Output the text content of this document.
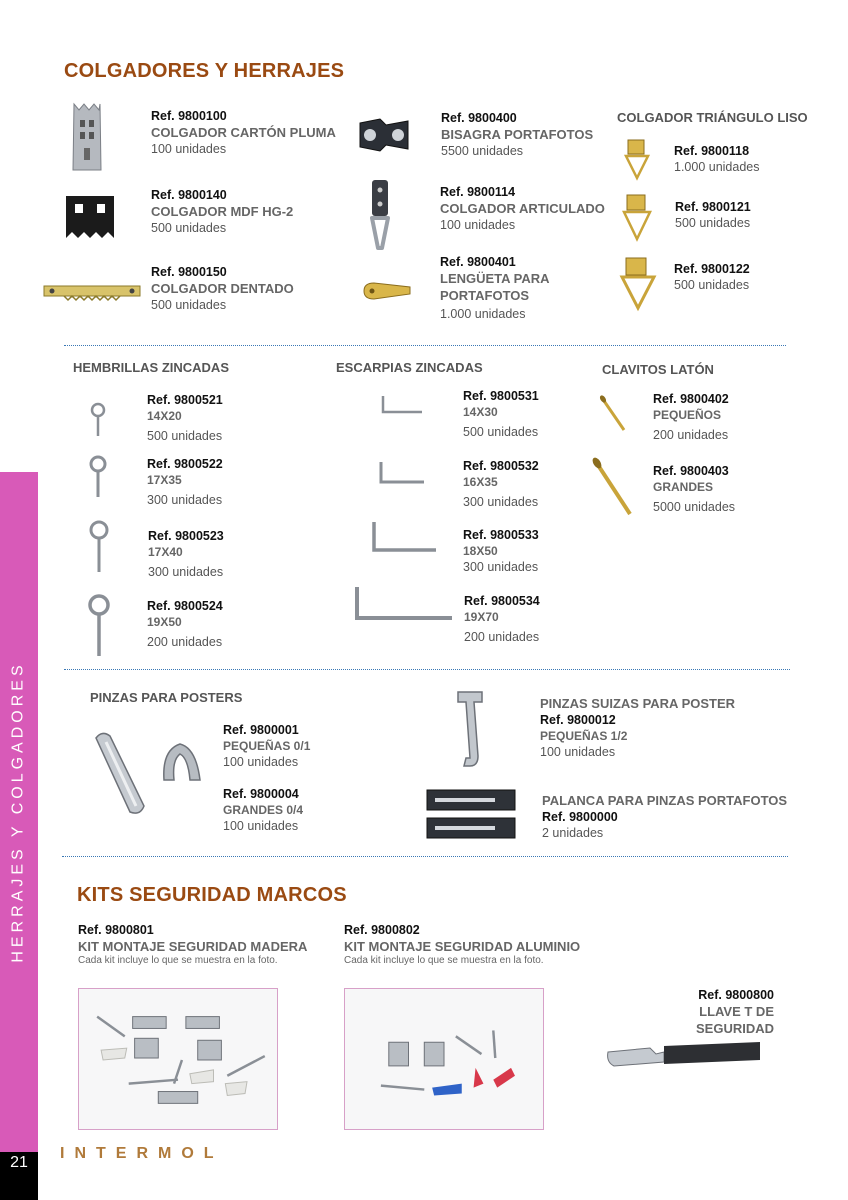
HERRAJES Y COLGADORES
21
INTERMOL
COLGADORES Y HERRAJES
Ref. 9800100
COLGADOR CARTÓN PLUMA
100 unidades
Ref. 9800140
COLGADOR MDF HG-2
500 unidades
Ref. 9800150
COLGADOR DENTADO
500 unidades
Ref. 9800400
BISAGRA PORTAFOTOS
5500 unidades
Ref. 9800114
COLGADOR ARTICULADO
100 unidades
Ref. 9800401
LENGÜETA PARA
PORTAFOTOS
1.000 unidades
COLGADOR TRIÁNGULO LISO
Ref. 9800118
1.000 unidades
Ref. 9800121
500 unidades
Ref. 9800122
500 unidades
HEMBRILLAS ZINCADAS
Ref. 9800521
14X20
500 unidades
Ref. 9800522
17X35
300 unidades
Ref. 9800523
17X40
300 unidades
Ref. 9800524
19X50
200 unidades
ESCARPIAS ZINCADAS
Ref. 9800531
14X30
500 unidades
Ref. 9800532
16X35
300 unidades
Ref. 9800533
18X50
300 unidades
Ref. 9800534
19X70
200 unidades
CLAVITOS LATÓN
Ref. 9800402
PEQUEÑOS
200 unidades
Ref. 9800403
GRANDES
5000 unidades
PINZAS PARA POSTERS
Ref. 9800001
PEQUEÑAS 0/1
100 unidades
Ref. 9800004
GRANDES 0/4
100 unidades
PINZAS SUIZAS PARA POSTER
Ref. 9800012
PEQUEÑAS 1/2
100 unidades
PALANCA PARA PINZAS PORTAFOTOS
Ref. 9800000
2 unidades
KITS SEGURIDAD MARCOS
Ref. 9800801
KIT MONTAJE SEGURIDAD MADERA
Cada kit incluye lo que se muestra en la foto.
Ref. 9800802
KIT MONTAJE SEGURIDAD ALUMINIO
Cada kit incluye lo que se muestra en la foto.
Ref. 9800800
LLAVE T DE SEGURIDAD
